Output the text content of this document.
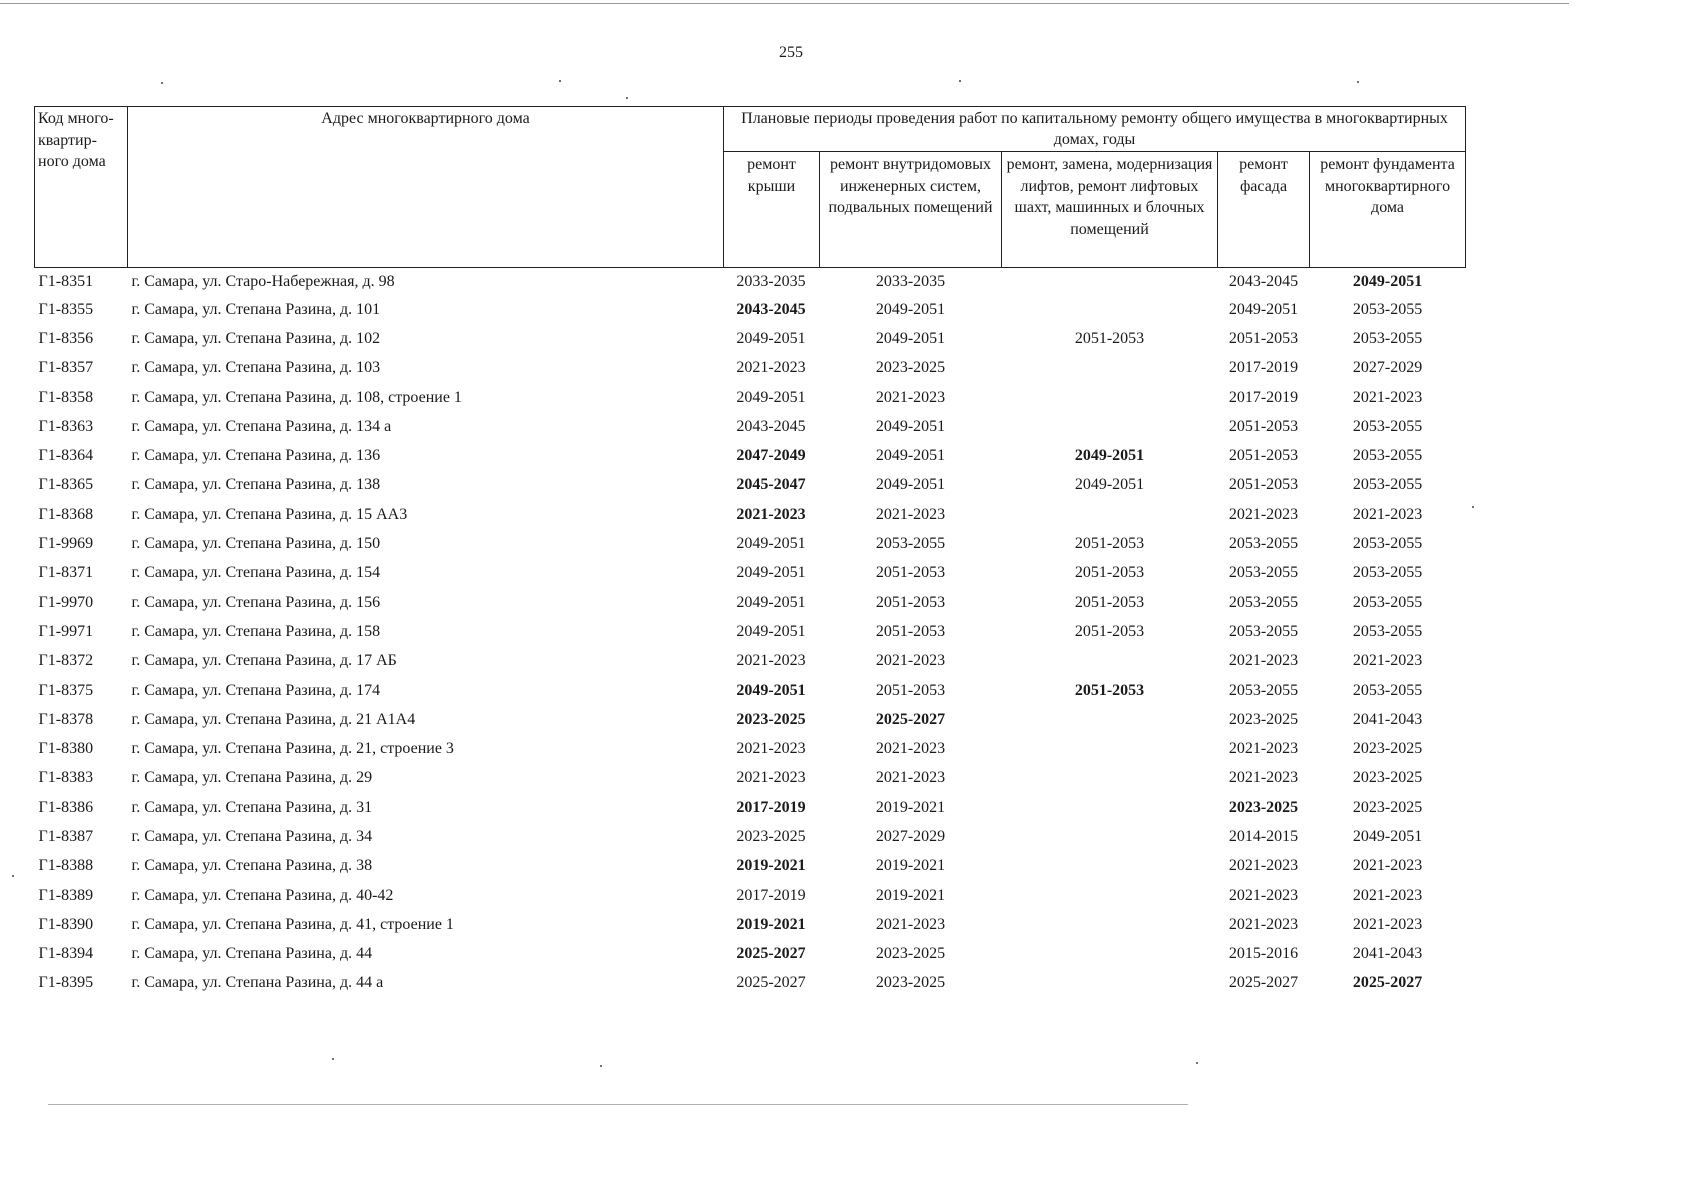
255
Код много-квартир-ного дома	Адрес многоквартирного дома	Плановые периоды проведения работ по капитальному ремонту общего имущества в многоквартирных домах, годы				
		ремонт крыши	ремонт внутридомовых инженерных систем, подвальных помещений	ремонт, замена, модернизация лифтов, ремонт лифтовых шахт, машинных и блочных помещений	ремонт фасада	ремонт фундамента многоквартирного дома
Г1-8351	г. Самара, ул. Старо-Набережная, д. 98	2033-2035	2033-2035		2043-2045	2049-2051
Г1-8355	г. Самара, ул. Степана Разина, д. 101	2043-2045	2049-2051		2049-2051	2053-2055
Г1-8356	г. Самара, ул. Степана Разина, д. 102	2049-2051	2049-2051	2051-2053	2051-2053	2053-2055
Г1-8357	г. Самара, ул. Степана Разина, д. 103	2021-2023	2023-2025		2017-2019	2027-2029
Г1-8358	г. Самара, ул. Степана Разина, д. 108, строение 1	2049-2051	2021-2023		2017-2019	2021-2023
Г1-8363	г. Самара, ул. Степана Разина, д. 134 а	2043-2045	2049-2051		2051-2053	2053-2055
Г1-8364	г. Самара, ул. Степана Разина, д. 136	2047-2049	2049-2051	2049-2051	2051-2053	2053-2055
Г1-8365	г. Самара, ул. Степана Разина, д. 138	2045-2047	2049-2051	2049-2051	2051-2053	2053-2055
Г1-8368	г. Самара, ул. Степана Разина, д. 15 АА3	2021-2023	2021-2023		2021-2023	2021-2023
Г1-9969	г. Самара, ул. Степана Разина, д. 150	2049-2051	2053-2055	2051-2053	2053-2055	2053-2055
Г1-8371	г. Самара, ул. Степана Разина, д. 154	2049-2051	2051-2053	2051-2053	2053-2055	2053-2055
Г1-9970	г. Самара, ул. Степана Разина, д. 156	2049-2051	2051-2053	2051-2053	2053-2055	2053-2055
Г1-9971	г. Самара, ул. Степана Разина, д. 158	2049-2051	2051-2053	2051-2053	2053-2055	2053-2055
Г1-8372	г. Самара, ул. Степана Разина, д. 17 АБ	2021-2023	2021-2023		2021-2023	2021-2023
Г1-8375	г. Самара, ул. Степана Разина, д. 174	2049-2051	2051-2053	2051-2053	2053-2055	2053-2055
Г1-8378	г. Самара, ул. Степана Разина, д. 21 А1А4	2023-2025	2025-2027		2023-2025	2041-2043
Г1-8380	г. Самара, ул. Степана Разина, д. 21, строение 3	2021-2023	2021-2023		2021-2023	2023-2025
Г1-8383	г. Самара, ул. Степана Разина, д. 29	2021-2023	2021-2023		2021-2023	2023-2025
Г1-8386	г. Самара, ул. Степана Разина, д. 31	2017-2019	2019-2021		2023-2025	2023-2025
Г1-8387	г. Самара, ул. Степана Разина, д. 34	2023-2025	2027-2029		2014-2015	2049-2051
Г1-8388	г. Самара, ул. Степана Разина, д. 38	2019-2021	2019-2021		2021-2023	2021-2023
Г1-8389	г. Самара, ул. Степана Разина, д. 40-42	2017-2019	2019-2021		2021-2023	2021-2023
Г1-8390	г. Самара, ул. Степана Разина, д. 41, строение 1	2019-2021	2021-2023		2021-2023	2021-2023
Г1-8394	г. Самара, ул. Степана Разина, д. 44	2025-2027	2023-2025		2015-2016	2041-2043
Г1-8395	г. Самара, ул. Степана Разина, д. 44 а	2025-2027	2023-2025		2025-2027	2025-2027
